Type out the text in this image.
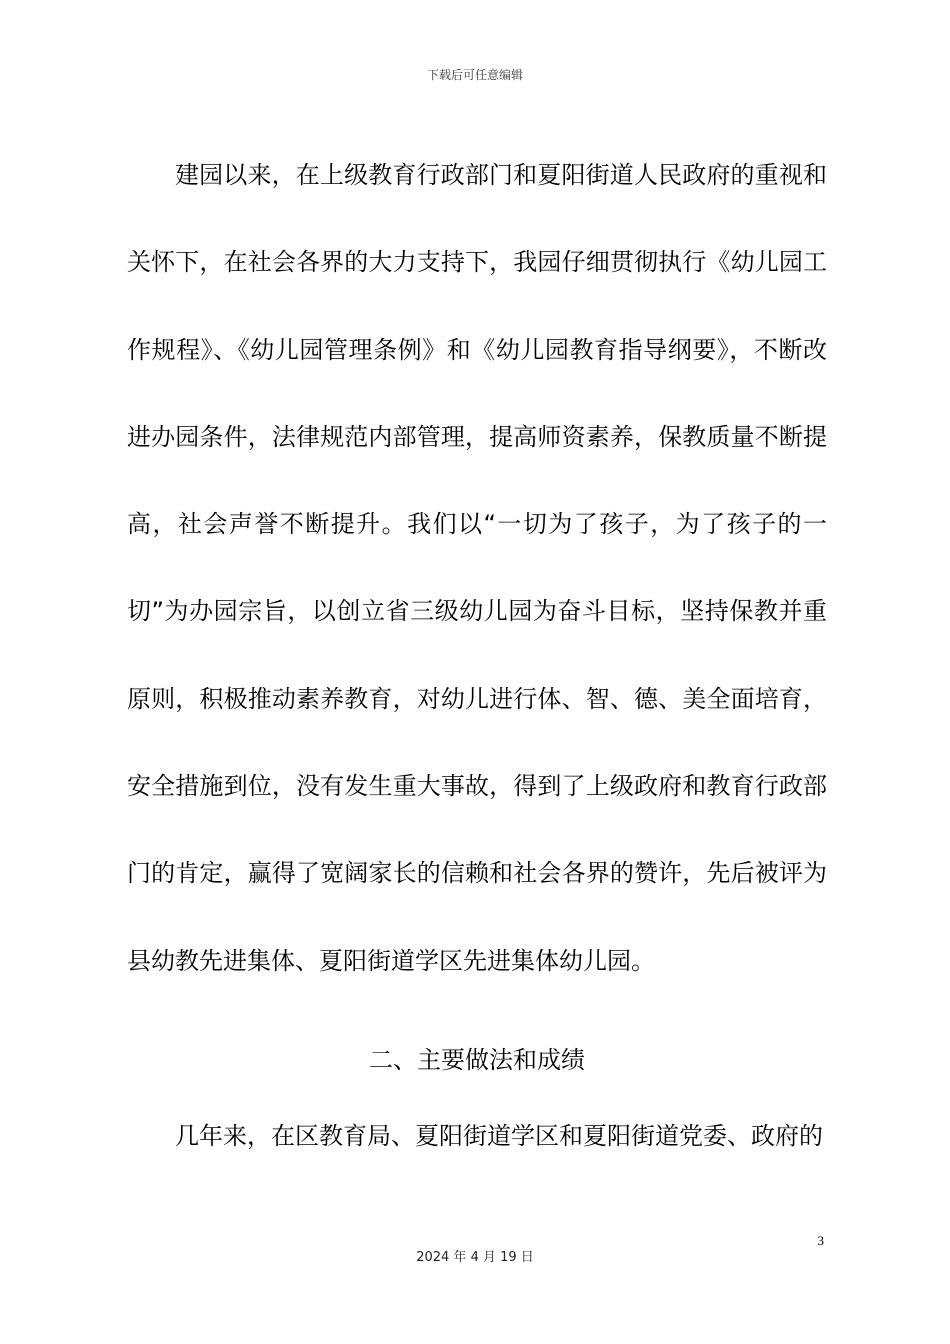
下载后可任意编辑

建园以来，在上级教育行政部门和夏阳街道人民政府的重视和关怀下，在社会各界的大力支持下，我园仔细贯彻执行《幼儿园工作规程》、《幼儿园管理条例》和《幼儿园教育指导纲要》，不断改进办园条件，法律规范内部管理，提高师资素养，保教质量不断提高，社会声誉不断提升。我们以“一切为了孩子，为了孩子的一切”为办园宗旨，以创立省三级幼儿园为奋斗目标，坚持保教并重原则，积极推动素养教育，对幼儿进行体、智、德、美全面培育，安全措施到位，没有发生重大事故，得到了上级政府和教育行政部门的肯定，赢得了宽阔家长的信赖和社会各界的赞许，先后被评为县幼教先进集体、夏阳街道学区先进集体幼儿园。

二、主要做法和成绩

几年来，在区教育局、夏阳街道学区和夏阳街道党委、政府的

3
2024 年 4 月 19 日
